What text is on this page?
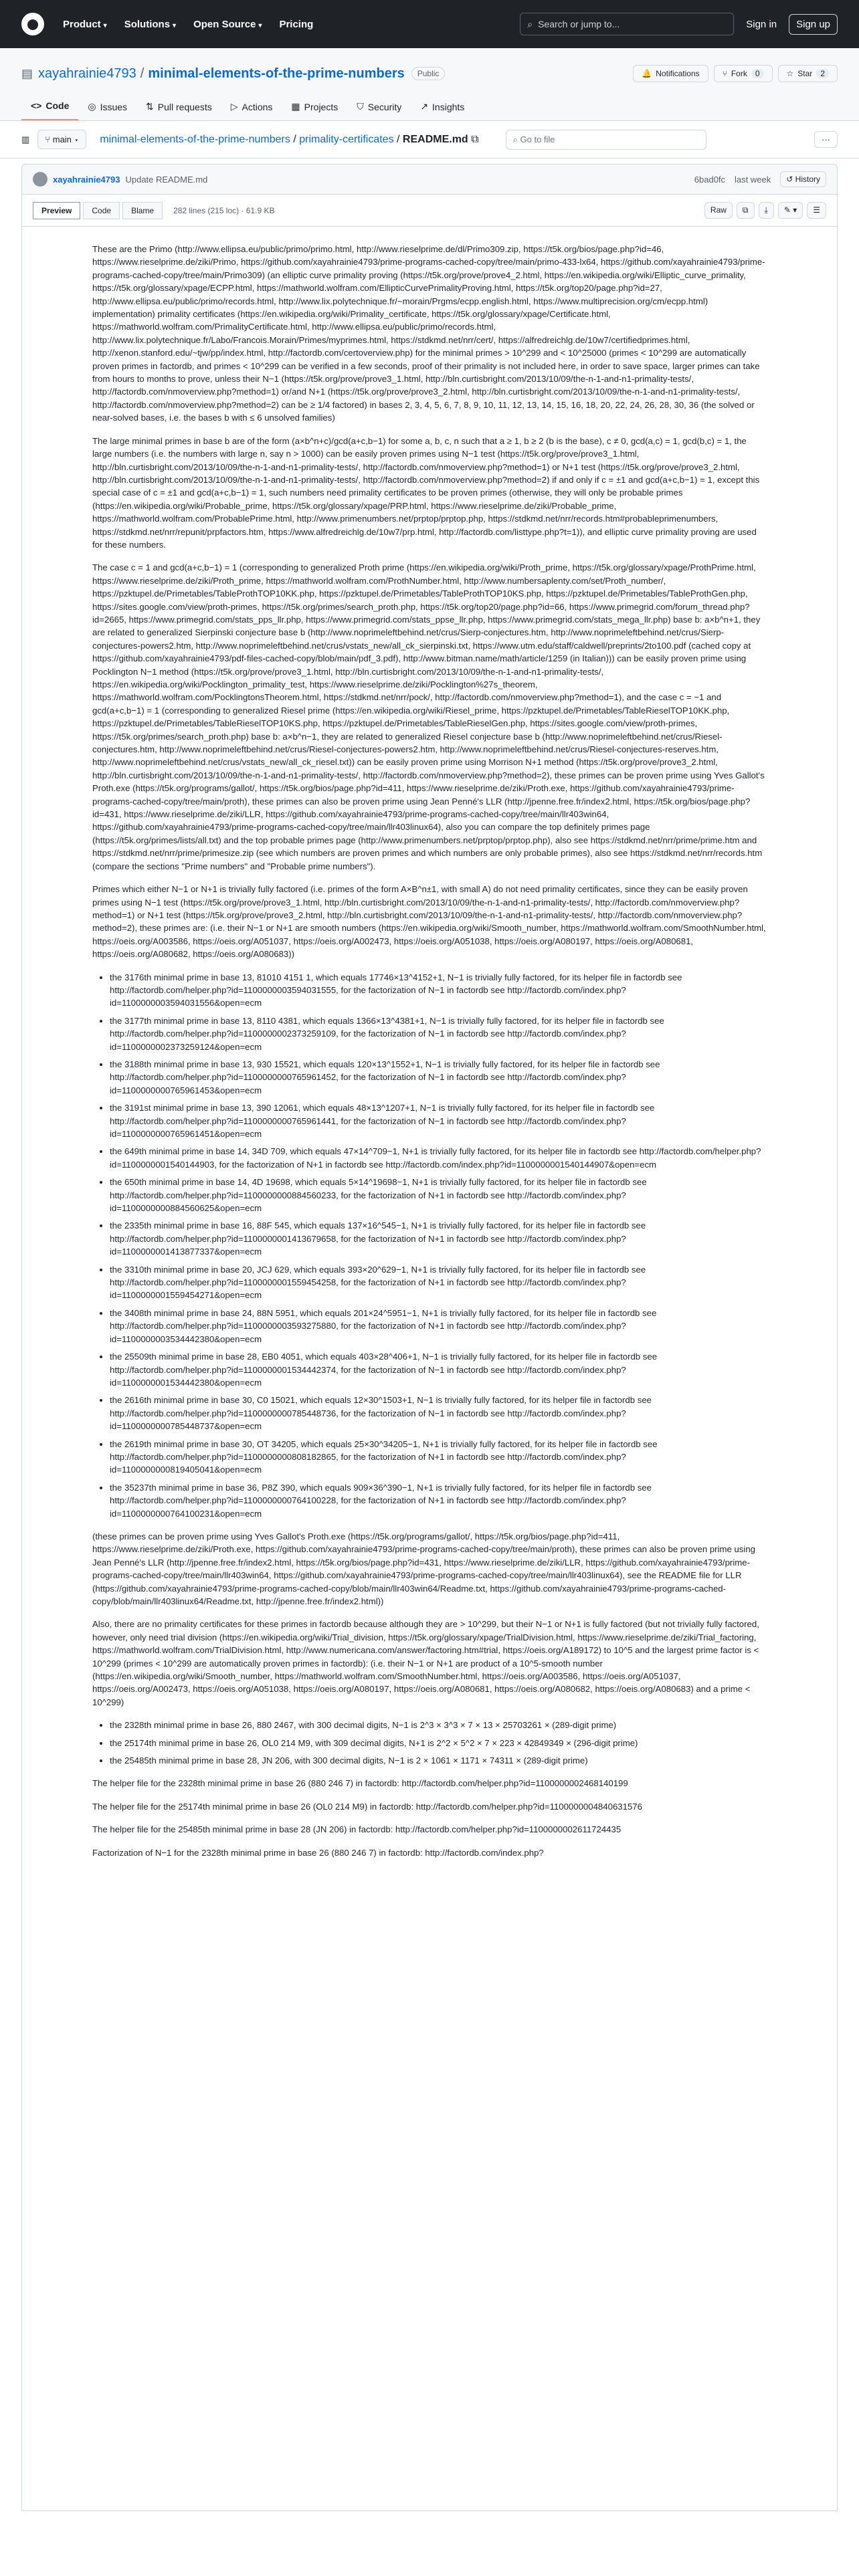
Product ▾ Solutions ▾ Open Source ▾ Pricing	⌕ Search or jump to...	Sign in	Sign up
▤ xayahrainie4793 / minimal-elements-of-the-prime-numbers	Public	🔔 Notifications	⑂ Fork	0	☆ Star	2
<> Code ◎ Issues ⇅ Pull requests ▷ Actions ▦ Projects ⛉ Security ↗ Insights
▥	⑂ main ▾	minimal-elements-of-the-prime-numbers / primality-certificates / README.md ⧉	⌕
Go to file	···
xayahrainie4793 Update README.md	6bad0fc last week	↺ History
Preview	Code	Blame	282 lines (215 loc) · 61.9 KB	Raw	⧉	⤓	✎ ▾	☰

These are the Primo (http://www.ellipsa.eu/public/primo/primo.html, http://www.rieselprime.de/dl/Primo309.zip, https://t5k.org/bios/page.php?id=46, https://www.rieselprime.de/ziki/Primo, https://github.com/xayahrainie4793/prime-programs-cached-copy/tree/main/primo-433-lx64, https://github.com/xayahrainie4793/prime-programs-cached-copy/tree/main/Primo309) (an elliptic curve primality proving (https://t5k.org/prove/prove4_2.html, https://en.wikipedia.org/wiki/Elliptic_curve_primality, https://t5k.org/glossary/xpage/ECPP.html, https://mathworld.wolfram.com/EllipticCurvePrimalityProving.html, https://t5k.org/top20/page.php?id=27, http://www.ellipsa.eu/public/primo/records.html, http://www.lix.polytechnique.fr/~morain/Prgms/ecpp.english.html, https://www.multiprecision.org/cm/ecpp.html) implementation) primality certificates (https://en.wikipedia.org/wiki/Primality_certificate, https://t5k.org/glossary/xpage/Certificate.html, https://mathworld.wolfram.com/PrimalityCertificate.html, http://www.ellipsa.eu/public/primo/records.html, http://www.lix.polytechnique.fr/Labo/Francois.Morain/Primes/myprimes.html, https://stdkmd.net/nrr/cert/, https://alfredreichlg.de/10w7/certifiedprimes.html, http://xenon.stanford.edu/~tjw/pp/index.html, http://factordb.com/certoverview.php) for the minimal primes > 10^299 and < 10^25000 (primes < 10^299 are automatically proven primes in factordb, and primes < 10^299 can be verified in a few seconds, proof of their primality is not included here, in order to save space, larger primes can take from hours to months to prove, unless their N−1 (https://t5k.org/prove/prove3_1.html, http://bln.curtisbright.com/2013/10/09/the-n-1-and-n1-primality-tests/, http://factordb.com/nmoverview.php?method=1) or/and N+1 (https://t5k.org/prove/prove3_2.html, http://bln.curtisbright.com/2013/10/09/the-n-1-and-n1-primality-tests/, http://factordb.com/nmoverview.php?method=2) can be ≥ 1/4 factored) in bases 2, 3, 4, 5, 6, 7, 8, 9, 10, 11, 12, 13, 14, 15, 16, 18, 20, 22, 24, 26, 28, 30, 36 (the solved or near-solved bases, i.e. the bases b with ≤ 6 unsolved families)

The large minimal primes in base b are of the form (a×b^n+c)/gcd(a+c,b−1) for some a, b, c, n such that a ≥ 1, b ≥ 2 (b is the base), c ≠ 0, gcd(a,c) = 1, gcd(b,c) = 1, the large numbers (i.e. the numbers with large n, say n > 1000) can be easily proven primes using N−1 test (https://t5k.org/prove/prove3_1.html, http://bln.curtisbright.com/2013/10/09/the-n-1-and-n1-primality-tests/, http://factordb.com/nmoverview.php?method=1) or N+1 test (https://t5k.org/prove/prove3_2.html, http://bln.curtisbright.com/2013/10/09/the-n-1-and-n1-primality-tests/, http://factordb.com/nmoverview.php?method=2) if and only if c = ±1 and gcd(a+c,b−1) = 1, except this special case of c = ±1 and gcd(a+c,b−1) = 1, such numbers need primality certificates to be proven primes (otherwise, they will only be probable primes (https://en.wikipedia.org/wiki/Probable_prime, https://t5k.org/glossary/xpage/PRP.html, https://www.rieselprime.de/ziki/Probable_prime, https://mathworld.wolfram.com/ProbablePrime.html, http://www.primenumbers.net/prptop/prptop.php, https://stdkmd.net/nrr/records.htm#probableprimenumbers, https://stdkmd.net/nrr/repunit/prpfactors.htm, https://www.alfredreichlg.de/10w7/prp.html, http://factordb.com/listtype.php?t=1)), and elliptic curve primality proving are used for these numbers.

The case c = 1 and gcd(a+c,b−1) = 1 (corresponding to generalized Proth prime (https://en.wikipedia.org/wiki/Proth_prime, https://t5k.org/glossary/xpage/ProthPrime.html, https://www.rieselprime.de/ziki/Proth_prime, https://mathworld.wolfram.com/ProthNumber.html, http://www.numbersaplenty.com/set/Proth_number/, https://pzktupel.de/Primetables/TableProthTOP10KK.php, https://pzktupel.de/Primetables/TableProthTOP10KS.php, https://pzktupel.de/Primetables/TableProthGen.php, https://sites.google.com/view/proth-primes, https://t5k.org/primes/search_proth.php, https://t5k.org/top20/page.php?id=66, https://www.primegrid.com/forum_thread.php?id=2665, https://www.primegrid.com/stats_pps_llr.php, https://www.primegrid.com/stats_ppse_llr.php, https://www.primegrid.com/stats_mega_llr.php) base b: a×b^n+1, they are related to generalized Sierpinski conjecture base b (http://www.noprimeleftbehind.net/crus/Sierp-conjectures.htm, http://www.noprimeleftbehind.net/crus/Sierp-conjectures-powers2.htm, http://www.noprimeleftbehind.net/crus/vstats_new/all_ck_sierpinski.txt, https://www.utm.edu/staff/caldwell/preprints/2to100.pdf (cached copy at https://github.com/xayahrainie4793/pdf-files-cached-copy/blob/main/pdf_3.pdf), http://www.bitman.name/math/article/1259 (in Italian))) can be easily proven prime using Pocklington N−1 method (https://t5k.org/prove/prove3_1.html, http://bln.curtisbright.com/2013/10/09/the-n-1-and-n1-primality-tests/, https://en.wikipedia.org/wiki/Pocklington_primality_test, https://www.rieselprime.de/ziki/Pocklington%27s_theorem, https://mathworld.wolfram.com/PocklingtonsTheorem.html, https://stdkmd.net/nrr/pock/, http://factordb.com/nmoverview.php?method=1), and the case c = −1 and gcd(a+c,b−1) = 1 (corresponding to generalized Riesel prime (https://en.wikipedia.org/wiki/Riesel_prime, https://pzktupel.de/Primetables/TableRieselTOP10KK.php, https://pzktupel.de/Primetables/TableRieselTOP10KS.php, https://pzktupel.de/Primetables/TableRieselGen.php, https://sites.google.com/view/proth-primes, https://t5k.org/primes/search_proth.php) base b: a×b^n−1, they are related to generalized Riesel conjecture base b (http://www.noprimeleftbehind.net/crus/Riesel-conjectures.htm, http://www.noprimeleftbehind.net/crus/Riesel-conjectures-powers2.htm, http://www.noprimeleftbehind.net/crus/Riesel-conjectures-reserves.htm, http://www.noprimeleftbehind.net/crus/vstats_new/all_ck_riesel.txt)) can be easily proven prime using Morrison N+1 method (https://t5k.org/prove/prove3_2.html, http://bln.curtisbright.com/2013/10/09/the-n-1-and-n1-primality-tests/, http://factordb.com/nmoverview.php?method=2), these primes can be proven prime using Yves Gallot's Proth.exe (https://t5k.org/programs/gallot/, https://t5k.org/bios/page.php?id=411, https://www.rieselprime.de/ziki/Proth.exe, https://github.com/xayahrainie4793/prime-programs-cached-copy/tree/main/proth), these primes can also be proven prime using Jean Penné's LLR (http://jpenne.free.fr/index2.html, https://t5k.org/bios/page.php?id=431, https://www.rieselprime.de/ziki/LLR, https://github.com/xayahrainie4793/prime-programs-cached-copy/tree/main/llr403win64, https://github.com/xayahrainie4793/prime-programs-cached-copy/tree/main/llr403linux64), also you can compare the top definitely primes page (https://t5k.org/primes/lists/all.txt) and the top probable primes page (http://www.primenumbers.net/prptop/prptop.php), also see https://stdkmd.net/nrr/prime/prime.htm and https://stdkmd.net/nrr/prime/primesize.zip (see which numbers are proven primes and which numbers are only probable primes), also see https://stdkmd.net/nrr/records.htm (compare the sections "Prime numbers" and "Probable prime numbers").

Primes which either N−1 or N+1 is trivially fully factored (i.e. primes of the form A×B^n±1, with small A) do not need primality certificates, since they can be easily proven primes using N−1 test (https://t5k.org/prove/prove3_1.html, http://bln.curtisbright.com/2013/10/09/the-n-1-and-n1-primality-tests/, http://factordb.com/nmoverview.php?method=1) or N+1 test (https://t5k.org/prove/prove3_2.html, http://bln.curtisbright.com/2013/10/09/the-n-1-and-n1-primality-tests/, http://factordb.com/nmoverview.php?method=2), these primes are: (i.e. their N−1 or N+1 are smooth numbers (https://en.wikipedia.org/wiki/Smooth_number, https://mathworld.wolfram.com/SmoothNumber.html, https://oeis.org/A003586, https://oeis.org/A051037, https://oeis.org/A002473, https://oeis.org/A051038, https://oeis.org/A080197, https://oeis.org/A080681, https://oeis.org/A080682, https://oeis.org/A080683))

• the 3176th minimal prime in base 13, 81010 4151 1, which equals 17746×13^4152+1, N−1 is trivially fully factored, for its helper file in factordb see http://factordb.com/helper.php?id=1100000003594031555, for the factorization of N−1 in factordb see http://factordb.com/index.php?id=1100000003594031556&open=ecm
• the 3177th minimal prime in base 13, 8110 4381, which equals 1366×13^4381+1, N−1 is trivially fully factored, for its helper file in factordb see http://factordb.com/helper.php?id=1100000002373259109, for the factorization of N−1 in factordb see http://factordb.com/index.php?id=1100000002373259124&open=ecm
• the 3188th minimal prime in base 13, 930 15521, which equals 120×13^1552+1, N−1 is trivially fully factored, for its helper file in factordb see http://factordb.com/helper.php?id=1100000000765961452, for the factorization of N−1 in factordb see http://factordb.com/index.php?id=1100000000765961453&open=ecm
• the 3191st minimal prime in base 13, 390 12061, which equals 48×13^1207+1, N−1 is trivially fully factored, for its helper file in factordb see http://factordb.com/helper.php?id=1100000000765961441, for the factorization of N−1 in factordb see http://factordb.com/index.php?id=1100000000765961451&open=ecm
• the 649th minimal prime in base 14, 34D 709, which equals 47×14^709−1, N+1 is trivially fully factored, for its helper file in factordb see http://factordb.com/helper.php?id=1100000001540144903, for the factorization of N+1 in factordb see http://factordb.com/index.php?id=1100000001540144907&open=ecm
• the 650th minimal prime in base 14, 4D 19698, which equals 5×14^19698−1, N+1 is trivially fully factored, for its helper file in factordb see http://factordb.com/helper.php?id=1100000000884560233, for the factorization of N+1 in factordb see http://factordb.com/index.php?id=1100000000884560625&open=ecm
• the 2335th minimal prime in base 16, 88F 545, which equals 137×16^545−1, N+1 is trivially fully factored, for its helper file in factordb see http://factordb.com/helper.php?id=1100000001413679658, for the factorization of N+1 in factordb see http://factordb.com/index.php?id=1100000001413877337&open=ecm
• the 3310th minimal prime in base 20, JCJ 629, which equals 393×20^629−1, N+1 is trivially fully factored, for its helper file in factordb see http://factordb.com/helper.php?id=1100000001559454258, for the factorization of N+1 in factordb see http://factordb.com/index.php?id=1100000001559454271&open=ecm
• the 3408th minimal prime in base 24, 88N 5951, which equals 201×24^5951−1, N+1 is trivially fully factored, for its helper file in factordb see http://factordb.com/helper.php?id=1100000003593275880, for the factorization of N+1 in factordb see http://factordb.com/index.php?id=1100000003534442380&open=ecm
• the 25509th minimal prime in base 28, EB0 4051, which equals 403×28^406+1, N−1 is trivially fully factored, for its helper file in factordb see http://factordb.com/helper.php?id=1100000001534442374, for the factorization of N−1 in factordb see http://factordb.com/index.php?id=1100000001534442380&open=ecm
• the 2616th minimal prime in base 30, C0 15021, which equals 12×30^1503+1, N−1 is trivially fully factored, for its helper file in factordb see http://factordb.com/helper.php?id=1100000000785448736, for the factorization of N−1 in factordb see http://factordb.com/index.php?id=1100000000785448737&open=ecm
• the 2619th minimal prime in base 30, OT 34205, which equals 25×30^34205−1, N+1 is trivially fully factored, for its helper file in factordb see http://factordb.com/helper.php?id=1100000000808182865, for the factorization of N+1 in factordb see http://factordb.com/index.php?id=1100000000819405041&open=ecm
• the 35237th minimal prime in base 36, P8Z 390, which equals 909×36^390−1, N+1 is trivially fully factored, for its helper file in factordb see http://factordb.com/helper.php?id=1100000000764100228, for the factorization of N+1 in factordb see http://factordb.com/index.php?id=1100000000764100231&open=ecm

(these primes can be proven prime using Yves Gallot's Proth.exe (https://t5k.org/programs/gallot/, https://t5k.org/bios/page.php?id=411, https://www.rieselprime.de/ziki/Proth.exe, https://github.com/xayahrainie4793/prime-programs-cached-copy/tree/main/proth), these primes can also be proven prime using Jean Penné's LLR (http://jpenne.free.fr/index2.html, https://t5k.org/bios/page.php?id=431, https://www.rieselprime.de/ziki/LLR, https://github.com/xayahrainie4793/prime-programs-cached-copy/tree/main/llr403win64, https://github.com/xayahrainie4793/prime-programs-cached-copy/tree/main/llr403linux64), see the README file for LLR (https://github.com/xayahrainie4793/prime-programs-cached-copy/blob/main/llr403win64/Readme.txt, https://github.com/xayahrainie4793/prime-programs-cached-copy/blob/main/llr403linux64/Readme.txt, http://jpenne.free.fr/index2.html))

Also, there are no primality certificates for these primes in factordb because although they are > 10^299, but their N−1 or N+1 is fully factored (but not trivially fully factored, however, only need trial division (https://en.wikipedia.org/wiki/Trial_division, https://t5k.org/glossary/xpage/TrialDivision.html, https://www.rieselprime.de/ziki/Trial_factoring, https://mathworld.wolfram.com/TrialDivision.html, http://www.numericana.com/answer/factoring.htm#trial, https://oeis.org/A189172) to 10^5 and the largest prime factor is < 10^299 (primes < 10^299 are automatically proven primes in factordb): (i.e. their N−1 or N+1 are product of a 10^5-smooth number (https://en.wikipedia.org/wiki/Smooth_number, https://mathworld.wolfram.com/SmoothNumber.html, https://oeis.org/A003586, https://oeis.org/A051037, https://oeis.org/A002473, https://oeis.org/A051038, https://oeis.org/A080197, https://oeis.org/A080681, https://oeis.org/A080682, https://oeis.org/A080683) and a prime < 10^299)

• the 2328th minimal prime in base 26, 880 2467, with 300 decimal digits, N−1 is 2^3 × 3^3 × 7 × 13 × 25703261 × (289-digit prime)
• the 25174th minimal prime in base 26, OL0 214 M9, with 309 decimal digits, N+1 is 2^2 × 5^2 × 7 × 223 × 42849349 × (296-digit prime)
• the 25485th minimal prime in base 28, JN 206, with 300 decimal digits, N−1 is 2 × 1061 × 1171 × 74311 × (289-digit prime)

The helper file for the 2328th minimal prime in base 26 (880 246 7) in factordb: http://factordb.com/helper.php?id=1100000002468140199

The helper file for the 25174th minimal prime in base 26 (OL0 214 M9) in factordb: http://factordb.com/helper.php?id=1100000004840631576

The helper file for the 25485th minimal prime in base 28 (JN 206) in factordb: http://factordb.com/helper.php?id=1100000002611724435

Factorization of N−1 for the 2328th minimal prime in base 26 (880 246 7) in factordb: http://factordb.com/index.php?
